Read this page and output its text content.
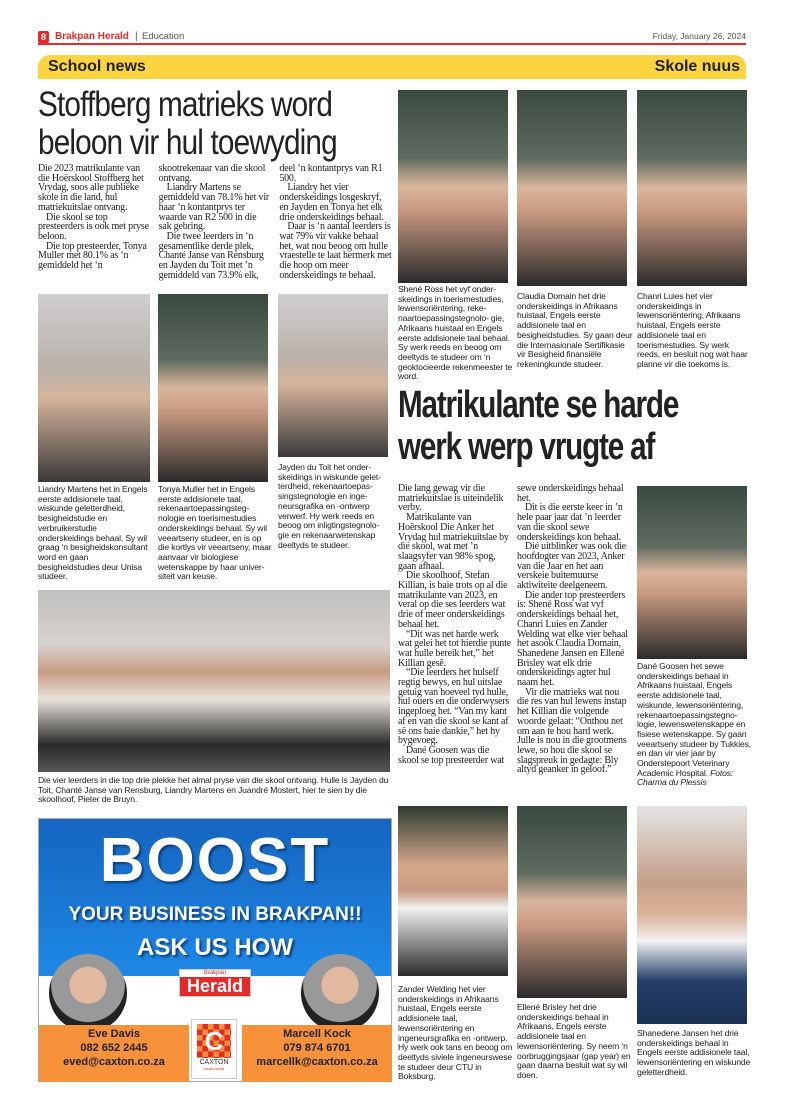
8 Brakpan Herald | Education	Friday, January 26, 2024
School news	Skole nuus
Stoffberg matrieks word beloon vir hul toewyding

Die 2023 matrikulante van die Hoërskool Stoffberg het Vrydag, soos alle publieke skole in die land, hul matriekuitslae ontvang.

Die skool se top presteerders is ook met pryse beloon.

Die top presteerder, Tonya Muller met 80.1% as ‘n gemiddeld het ‘n skootrekenaar van die skool ontvang.

Liandry Martens se gemiddeld van 78.1% het vir haar ‘n kontantprys ter waarde van R2 500 in die sak gebring.

Die twee leerders in ‘n gesamentlike derde plek, Chanté Janse van Rensburg en Jayden du Toit met ’n gemiddeld van 73.9% elk, deel ‘n kontantprys van R1 500.

Liandry het vier onderskeidings losgeskryf, en Jayden en Tonya het elk drie onderskeidings behaal.

Daar is ‘n aantal leerders is wat 79% vir vakke behaal het, wat nou beoog om hulle vraestelle te laat hermerk met die hoop om meer onderskeidings te behaal.

Liandry Martens het in Engels eerste addisionele taal, wiskunde geletterdheid, besigheidstudie en verbruikerstudie onderskeidings behaal. Sy wil graag ‘n besigheidskonsultant word en gaan besigheidstudies deur Unisa studeer.
Tonya Muller het in Engels eerste addisionele taal, rekenaartoepassingsteg- nologie en toerismestudies onderskeidings behaal. Sy wil veeartseny studeer, en is op die kortlys vir veeartseny, maar aanvaar vir biologiese wetenskappe by haar univer- siteit van keuse.
Jayden du Toit het onder- skeidings in wiskunde gelet- terdheid, rekenaartoepas- singstegnologie en inge- neursgrafika en -ontwerp verwerf. Hy werk reeds en beoog om inligtingstegnolo- gie en rekenaarwetenskap deeltyds te studeer.
Die vier leerders in die top drie plekke het almal pryse van die skool ontvang. Hulle is Jayden du Toit, Chanté Janse van Rensburg, Liandry Martens en Juandré Mostert, hier te sien by die skoolhoof, Pieter de Bruyn.
Shené Ross het vyf onder- skeidings in toerismestudies, lewensoriëntering, reke- naartoepassingstegnolo- gie, Afrikaans huistaal en Engels eerste addisionele taal behaal. Sy werk reeds en beoog om deeltyds te studeer om ‘n geoktocieerde rekenmeester te word.
Claudia Domain het drie onderskeidings in Afrikaans huistaal, Engels eerste addisionele taal en besigheidstudies. Sy gaan deur die Internasionale Sertifikasie vir Besigheid finansiële rekeningkunde studeer.
Chanri Luies het vier onderskeidings in lewensoriëntering, Afrikaans huistaal, Engels eerste addisionele taal en toerismestudies. Sy werk reeds, en besluit nog wat haar planne vir die toekoms is.
Matrikulante se harde werk werp vrugte af

Die lang gewag vir die matriekuitslae is uiteindelik verby.

Matrikulante van Hoërskool Die Anker het Vrydag hul matriekuitslae by die skool, wat met ’n slaagsyfer van 98% spog, gaan afhaal.

Die skoolhoof, Stefan Killian, is baie trots op al die matrikulante van 2023, en veral op die ses leerders wat drie of meer onderskeidings behaal het.

“Dit was net harde werk wat gelei het tot hierdie punte wat hulle bereik het,” het Killian gesê.

“Die leerders het hulself regtig bewys, en hul uitslae getuig van hoeveel tyd hulle, hul ouers en die onderwysers ingeploeg het. “Van my kant af en van die skool se kant af sê ons baie dankie,” het hy bygevoeg.

Dané Goosen was die skool se top presteerder wat sewe onderskeidings behaal het.

Dit is die eerste keer in ’n hele paar jaar dat ’n leerder van die skool sewe onderskeidings kon behaal.

Dié uitblinker was ook die hoofdogter van 2023, Anker van die Jaar en het aan verskeie buitemuurse aktiwiteite deelgeneem.

Die ander top presteerders is: Shené Ross wat vyf onderskeidings behaal het, Chanri Luies en Zander Welding wat elke vier behaal het asook Claudia Domain, Shanedene Jansen en Ellené Brisley wat elk drie onderskeidings agter hul naam het.

Vir die matrieks wat nou die res van hul lewens instap het Killian die volgende woorde gelaat: “Onthou net om aan te hou hard werk. Julle is nou in die grootmens lewe, so hou die skool se slagspreuk in gedagte: Bly altyd geanker in geloof.”

Dané Goosen het sewe onderskeidings behaal in Afrikaans huistaal, Engels eerste addisionele taal, wiskunde, lewensoriëntering, rekenaartoepassingstegno- logie, lewenswetenskappe en fisiese wetenskappe. Sy gaan veeartseny studeer by Tukkies, en dan vir vier jaar by Onderstepoort Veterinary Academic Hospital. Fotos: Charma du Plessis
Zander Welding het vier onderskeidings in Afrikaans huistaal, Engels eerste addisionele taal, lewensoriëntering en ingeneursgrafika en -ontwerp. Hy werk ook tans en beoog om deeltyds siviele ingeneurswese te studeer deur CTU in Boksburg.
Ellené Brisley het drie onderskeidings behaal in Afrikaans, Engels eerste addisionele taal en lewensoriëntering. Sy neem ‘n oorbruggingsjaar (gap year) en gaan daarna besluit wat sy wil doen.
Shanedene Jansen het drie onderskeidings behaal in Engels eerste addisionele taal, lewensoriëntering en wiskunde geletterdheid.
BOOST
YOUR BUSINESS IN BRAKPAN!!
ASK US HOW
Brakpan
Herald
Eve Davis
082 652 2445
eved@caxton.co.za
Marcell Kock
079 874 6701
marcellk@caxton.co.za
C
CAXTON
local media
